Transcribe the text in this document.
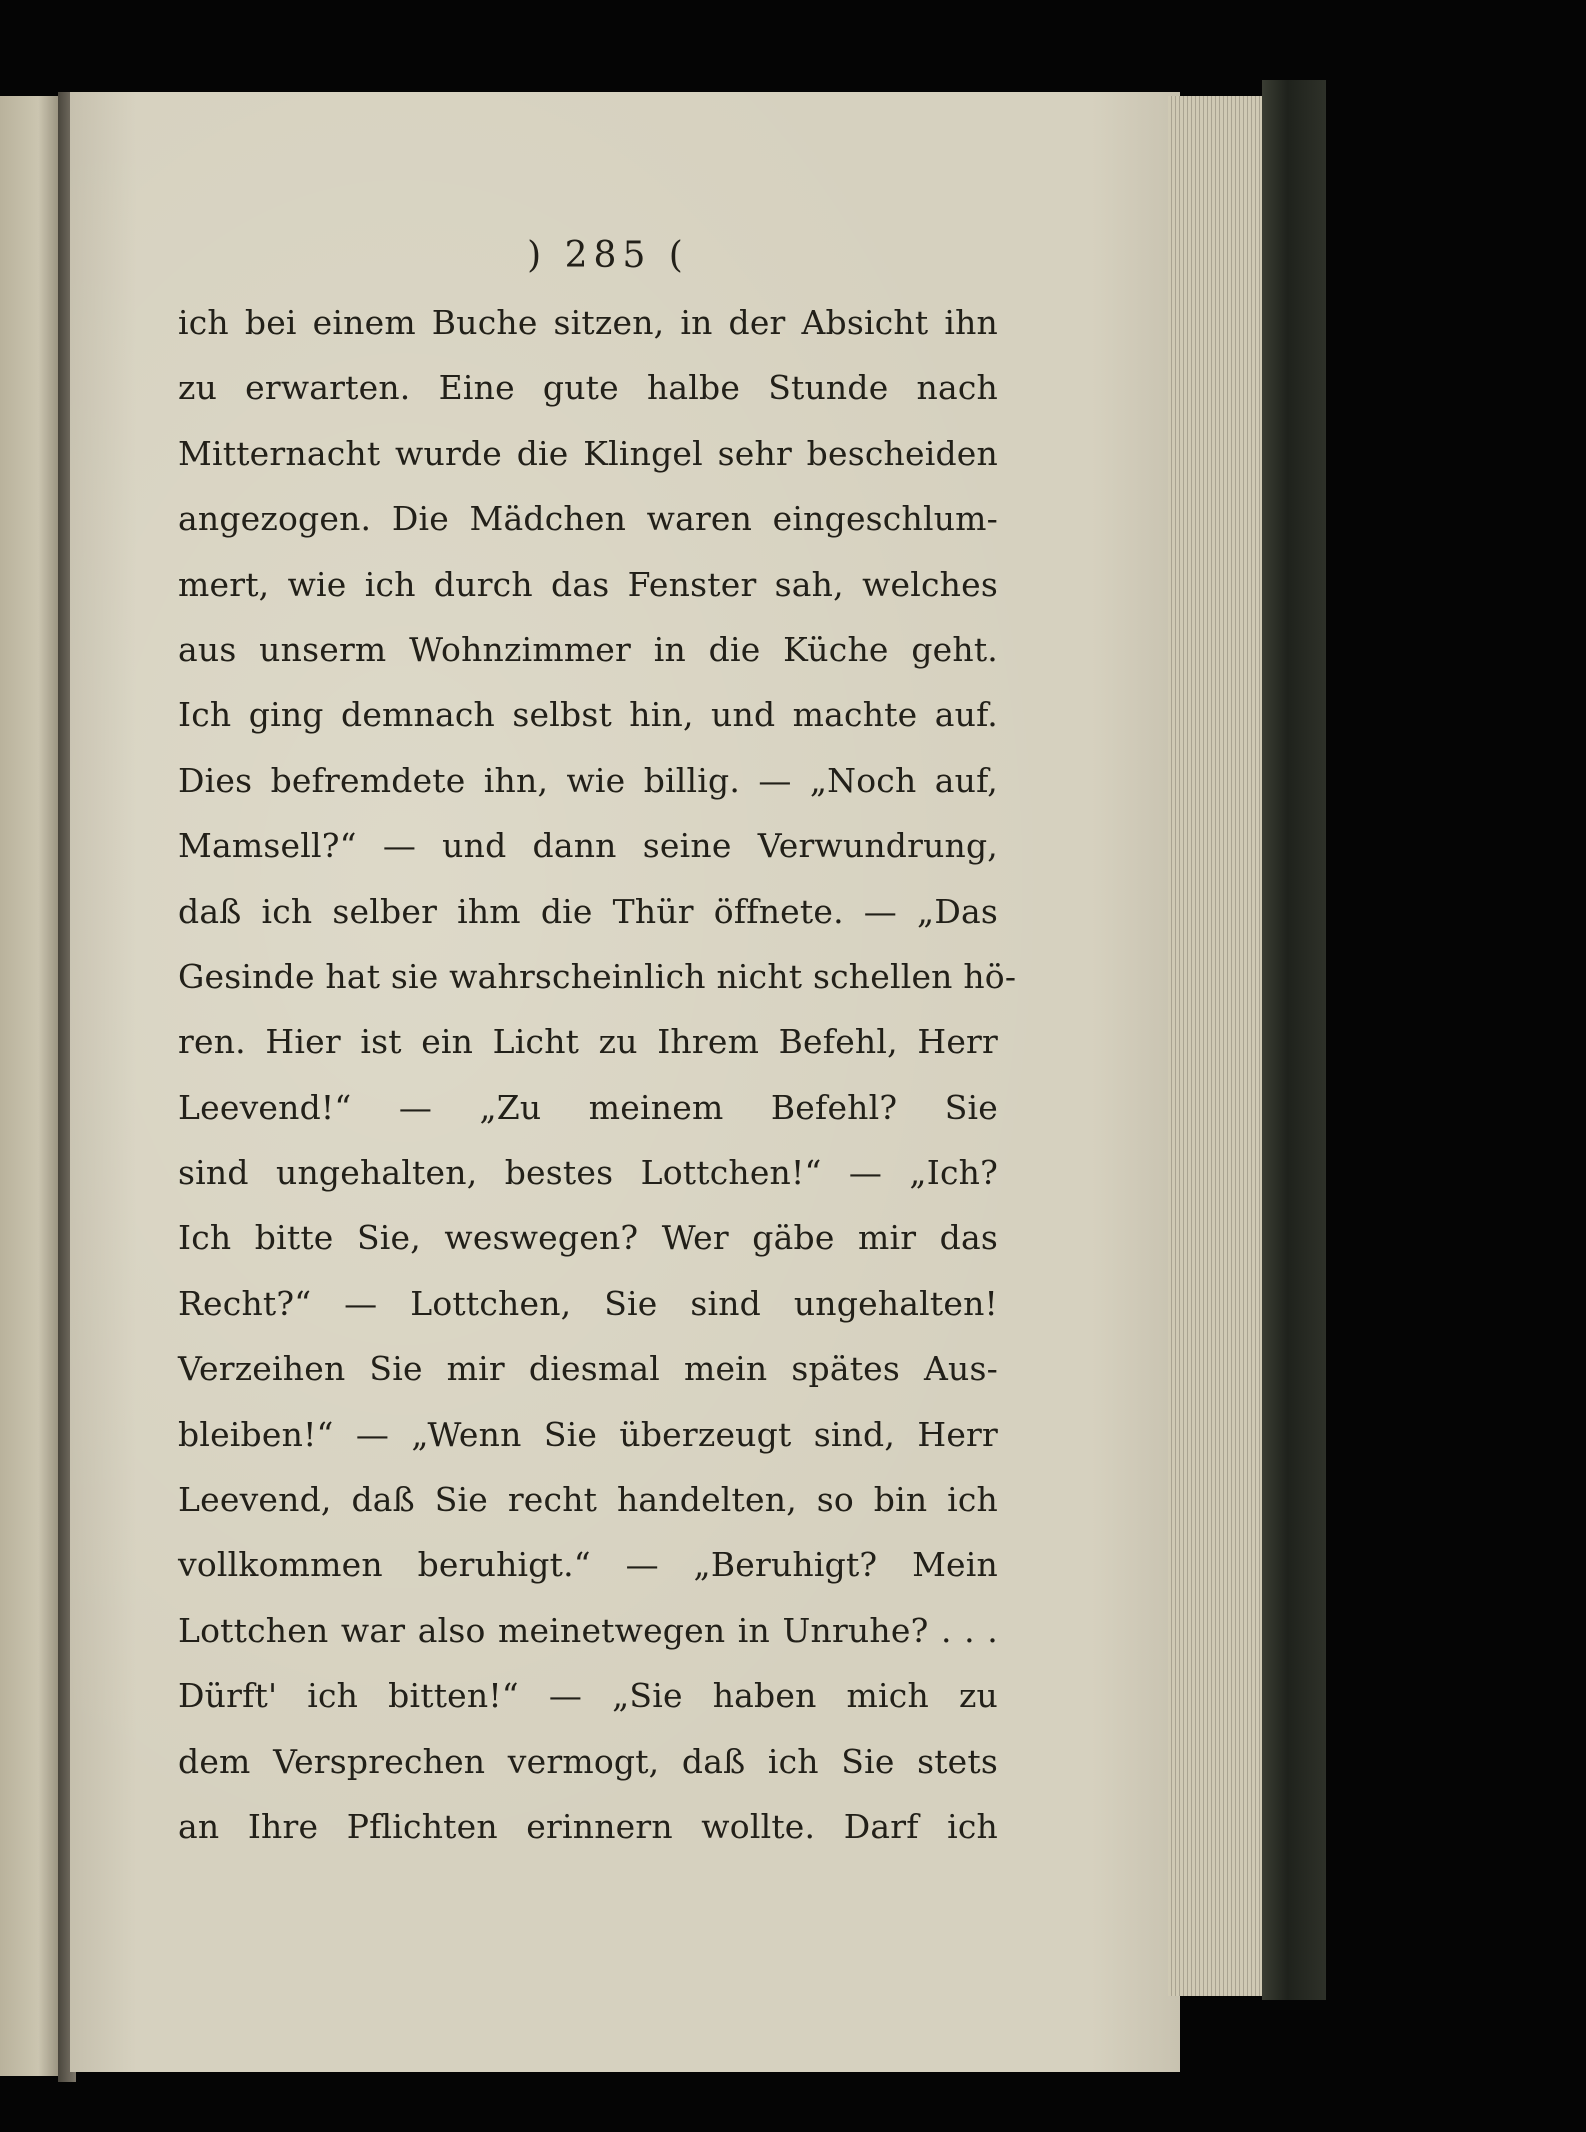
) 285 (
ich bei einem Buche sitzen, in der Absicht ihn
zu erwarten. Eine gute halbe Stunde nach
Mitternacht wurde die Klingel sehr bescheiden
angezogen. Die Mädchen waren eingeschlum-
mert, wie ich durch das Fenster sah, welches
aus unserm Wohnzimmer in die Küche geht.
Ich ging demnach selbst hin, und machte auf.
Dies befremdete ihn, wie billig. — „Noch auf,
Mamsell?“ — und dann seine Verwundrung,
daß ich selber ihm die Thür öffnete. — „Das
Gesinde hat sie wahrscheinlich nicht schellen hö-
ren. Hier ist ein Licht zu Ihrem Befehl, Herr
Leevend!“ — „Zu meinem Befehl? Sie
sind ungehalten, bestes Lottchen!“ — „Ich?
Ich bitte Sie, weswegen? Wer gäbe mir das
Recht?“ — Lottchen, Sie sind ungehalten!
Verzeihen Sie mir diesmal mein spätes Aus-
bleiben!“ — „Wenn Sie überzeugt sind, Herr
Leevend, daß Sie recht handelten, so bin ich
vollkommen beruhigt.“ — „Beruhigt? Mein
Lottchen war also meinetwegen in Unruhe? . . .
Dürft' ich bitten!“ — „Sie haben mich zu
dem Versprechen vermogt, daß ich Sie stets
an Ihre Pflichten erinnern wollte. Darf ich
